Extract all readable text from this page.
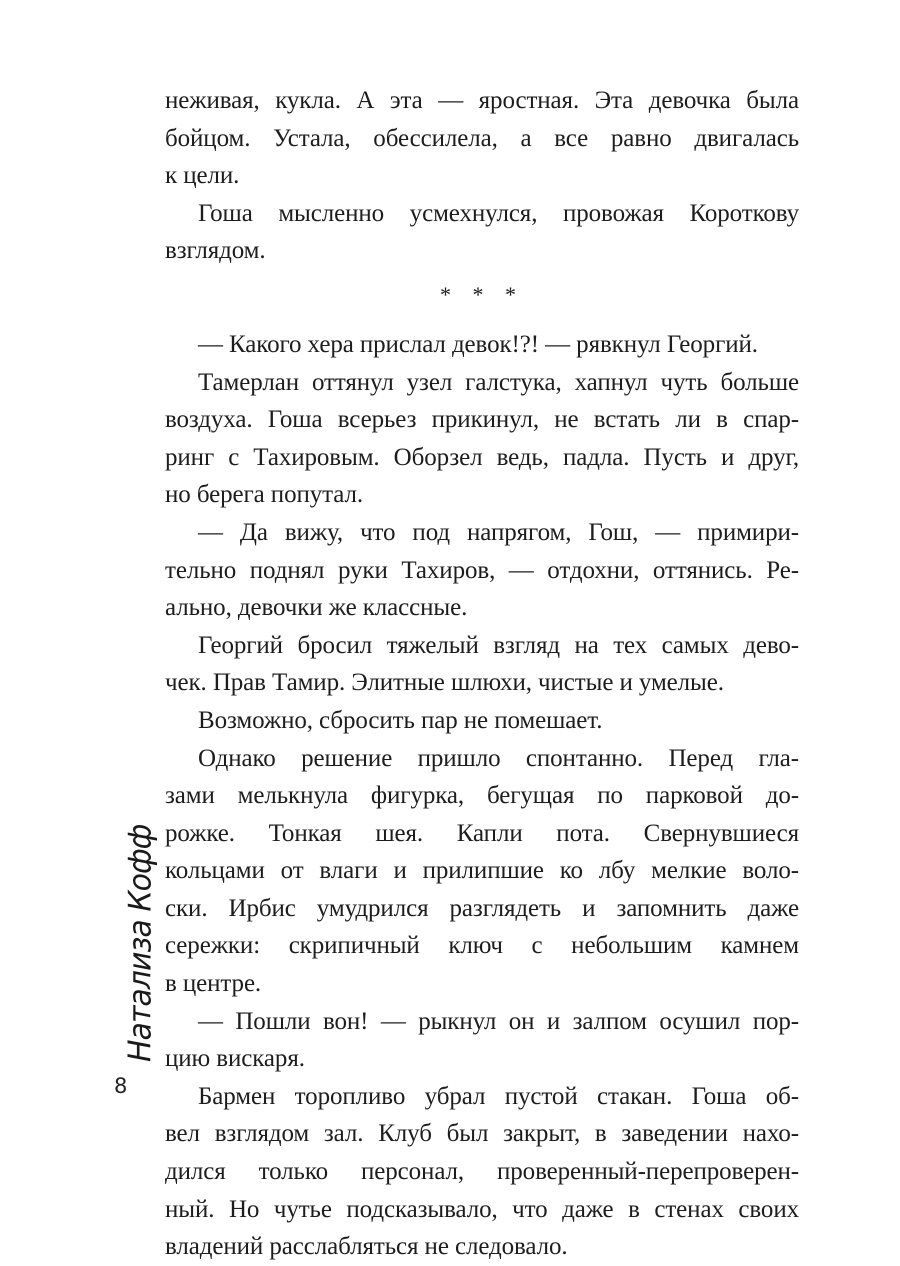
неживая, кукла. А эта — яростная. Эта девочка была
бойцом. Устала, обессилела, а все равно двигалась
к цели.
Гоша мысленно усмехнулся, провожая Короткову
взглядом.
* * *
— Какого хера прислал девок!?! — рявкнул Георгий.
Тамерлан оттянул узел галстука, хапнул чуть больше
воздуха. Гоша всерьез прикинул, не встать ли в спар-
ринг с Тахировым. Оборзел ведь, падла. Пусть и друг,
но берега попутал.
— Да вижу, что под напрягом, Гош, — примири-
тельно поднял руки Тахиров, — отдохни, оттянись. Ре-
ально, девочки же классные.
Георгий бросил тяжелый взгляд на тех самых дево-
чек. Прав Тамир. Элитные шлюхи, чистые и умелые.
Возможно, сбросить пар не помешает.
Однако решение пришло спонтанно. Перед гла-
зами мелькнула фигурка, бегущая по парковой до-
рожке. Тонкая шея. Капли пота. Свернувшиеся
кольцами от влаги и прилипшие ко лбу мелкие воло-
ски. Ирбис умудрился разглядеть и запомнить даже
сережки: скрипичный ключ с небольшим камнем
в центре.
— Пошли вон! — рыкнул он и залпом осушил пор-
цию вискаря.
Бармен торопливо убрал пустой стакан. Гоша об-
вел взглядом зал. Клуб был закрыт, в заведении нахо-
дился только персонал, проверенный-перепроверен-
ный. Но чутье подсказывало, что даже в стенах своих
владений расслабляться не следовало.
Натализа Кофф
8
